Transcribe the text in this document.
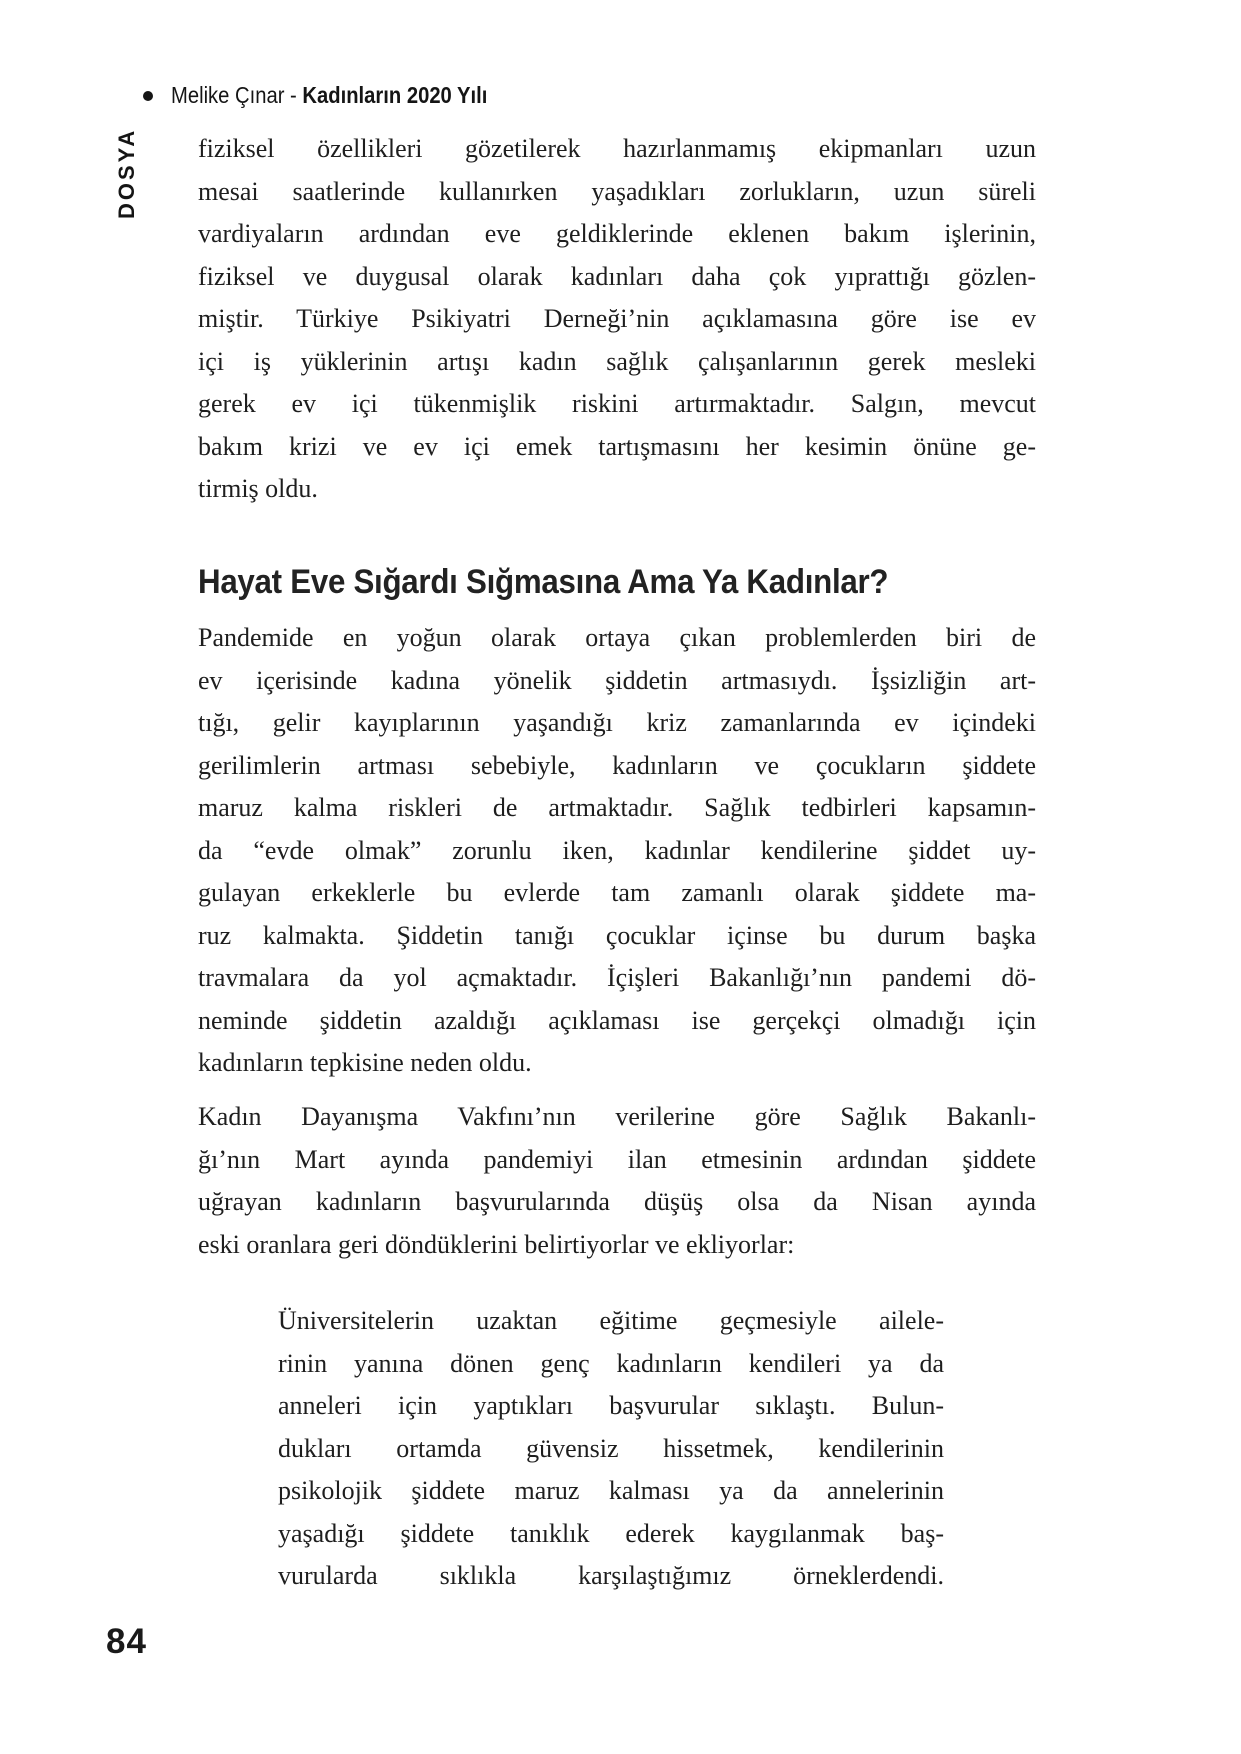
Melike Çınar - Kadınların 2020 Yılı
DOSYA fiziksel özellikleri gözetilerek hazırlanmamış ekipmanları uzun
mesai saatlerinde kullanırken yaşadıkları zorlukların, uzun süreli
vardiyaların ardından eve geldiklerinde eklenen bakım işlerinin,
fiziksel ve duygusal olarak kadınları daha çok yıprattığı gözlen-
miştir. Türkiye Psikiyatri Derneği’nin açıklamasına göre ise ev
içi iş yüklerinin artışı kadın sağlık çalışanlarının gerek mesleki
gerek ev içi tükenmişlik riskini artırmaktadır. Salgın, mevcut
bakım krizi ve ev içi emek tartışmasını her kesimin önüne ge-
tirmiş oldu.
Hayat Eve Sığardı Sığmasına Ama Ya Kadınlar?
Pandemide en yoğun olarak ortaya çıkan problemlerden biri de
ev içerisinde kadına yönelik şiddetin artmasıydı. İşsizliğin art-
tığı, gelir kayıplarının yaşandığı kriz zamanlarında ev içindeki
gerilimlerin artması sebebiyle, kadınların ve çocukların şiddete
maruz kalma riskleri de artmaktadır. Sağlık tedbirleri kapsamın-
da “evde olmak” zorunlu iken, kadınlar kendilerine şiddet uy-
gulayan erkeklerle bu evlerde tam zamanlı olarak şiddete ma-
ruz kalmakta. Şiddetin tanığı çocuklar içinse bu durum başka
travmalara da yol açmaktadır. İçişleri Bakanlığı’nın pandemi dö-
neminde şiddetin azaldığı açıklaması ise gerçekçi olmadığı için
kadınların tepkisine neden oldu.
Kadın Dayanışma Vakfını’nın verilerine göre Sağlık Bakanlı-
ğı’nın Mart ayında pandemiyi ilan etmesinin ardından şiddete
uğrayan kadınların başvurularında düşüş olsa da Nisan ayında
eski oranlara geri döndüklerini belirtiyorlar ve ekliyorlar:
Üniversitelerin uzaktan eğitime geçmesiyle ailele-
rinin yanına dönen genç kadınların kendileri ya da
anneleri için yaptıkları başvurular sıklaştı. Bulun-
dukları ortamda güvensiz hissetmek, kendilerinin
psikolojik şiddete maruz kalması ya da annelerinin
yaşadığı şiddete tanıklık ederek kaygılanmak baş-
vurularda sıklıkla karşılaştığımız örneklerdendi.
84
